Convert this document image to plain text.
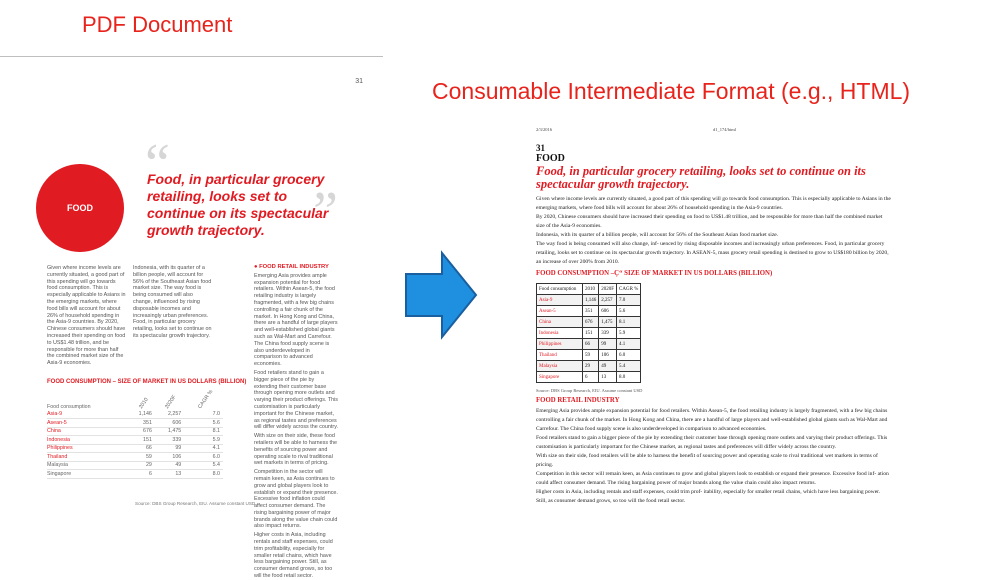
PDF Document
Consumable Intermediate Format (e.g., HTML)
31
“
”
FOOD
Food, in particular grocery retailing, looks set to continue on its spectacular growth trajectory.
Given where income levels are currently situated, a good part of this spending will go towards food consumption. This is especially applicable to Asians in the emerging markets, where food bills will account for about 26% of household spending in the Asia-9 countries. By 2020, Chinese consumers should have increased their spending on food to US$1.48 trillion, and be responsible for more than half the combined market size of the Asia-9 economies.
Indonesia, with its quarter of a billion people, will account for 56% of the Southeast Asian food market size. The way food is being consumed will also change, influenced by rising disposable incomes and increasingly urban preferences. Food, in particular grocery retailing, looks set to continue on its spectacular growth trajectory.
● FOOD RETAIL INDUSTRY

Emerging Asia provides ample expansion potential for food retailers. Within Asean-5, the food retailing industry is largely fragmented, with a few big chains controlling a fair chunk of the market. In Hong Kong and China, there are a handful of large players and well-established global giants such as Wal-Mart and Carrefour. The China food supply scene is also underdeveloped in comparison to advanced economies.

Food retailers stand to gain a bigger piece of the pie by extending their customer base through opening more outlets and varying their product offerings. This customisation is particularly important for the Chinese market, as regional tastes and preferences will differ widely across the country.

With size on their side, these food retailers will be able to harness the benefits of sourcing power and operating scale to rival traditional wet markets in terms of pricing.

Competition in the sector will remain keen, as Asia continues to grow and global players look to establish or expand their presence. Excessive food inflation could affect consumer demand. The rising bargaining power of major brands along the value chain could also impact returns.

Higher costs in Asia, including rentals and staff expenses, could trim profitability, especially for smaller retail chains, which have less bargaining power. Still, as consumer demand grows, so too will the food retail sector.

FOOD CONSUMPTION – SIZE OF MARKET IN US DOLLARS (BILLION)
Food consumption	2010	2020F	CAGR %
Asia-9	1,146	2,257	7.0
Asean-5	351	606	5.6
China	676	1,475	8.1
Indonesia	151	339	5.9
Philippines	66	99	4.1
Thailand	59	106	6.0
Malaysia	29	49	5.4
Singapore	6	13	8.0
Source: DBS Group Research, EIU. Assume constant USD
2/3/2016	d1_174/html
31
FOOD
Food, in particular grocery retailing, looks set to continue on its spectacular growth trajectory.

Given where income levels are currently situated, a good part of this spending will go towards food consumption. This is especially applicable to Asians in the emerging markets, where food bills will account for about 26% of household spending in the Asia-9 countries.

By 2020, Chinese consumers should have increased their spending on food to US$1.48 trillion, and be responsible for more than half the combined market size of the Asia-9 economies.

Indonesia, with its quarter of a billion people, will account for 56% of the Southeast Asian food market size.

The way food is being consumed will also change, inf- uenced by rising disposable incomes and increasingly urban preferences. Food, in particular grocery retailing, looks set to continue on its spectacular growth trajectory. In ASEAN-5, mass grocery retail spending is destined to grow to US$180 billion by 2020, an increase of over 200% from 2010.

FOOD CONSUMPTION –Ç“ SIZE OF MARKET IN US DOLLARS (BILLION)
Food consumption	2010	2020F	CAGR %
Asia-9	1,146	2,257	7.0
Asean-5	351	606	5.6
China	676	1,475	8.1
Indonesia	151	339	5.9
Philippines	66	99	4.1
Thailand	59	106	6.0
Malaysia	29	49	5.4
Singapore	6	13	8.0
Source: DBS Group Research, EIU. Assume constant USD
FOOD RETAIL INDUSTRY

Emerging Asia provides ample expansion potential for food retailers. Within Asean-5, the food retailing industry is largely fragmented, with a few big chains controlling a fair chunk of the market. In Hong Kong and China, there are a handful of large players and well-established global giants such as Wal-Mart and Carrefour. The China food supply scene is also underdeveloped in comparison to advanced economies.

Food retailers stand to gain a bigger piece of the pie by extending their customer base through opening more outlets and varying their product offerings. This customisation is particularly important for the Chinese market, as regional tastes and preferences will differ widely across the country.

With size on their side, food retailers will be able to harness the benefit of sourcing power and operating scale to rival traditional wet markets in terms of pricing.

Competition in this sector will remain keen, as Asia continues to grow and global players look to establish or expand their presence. Excessive food inf- ation could affect consumer demand. The rising bargaining power of major brands along the value chain could also impact returns.

Higher costs in Asia, including rentals and staff expenses, could trim prof- itability, especially for smaller retail chains, which have less bargaining power. Still, as consumer demand grows, so too will the food retail sector.
